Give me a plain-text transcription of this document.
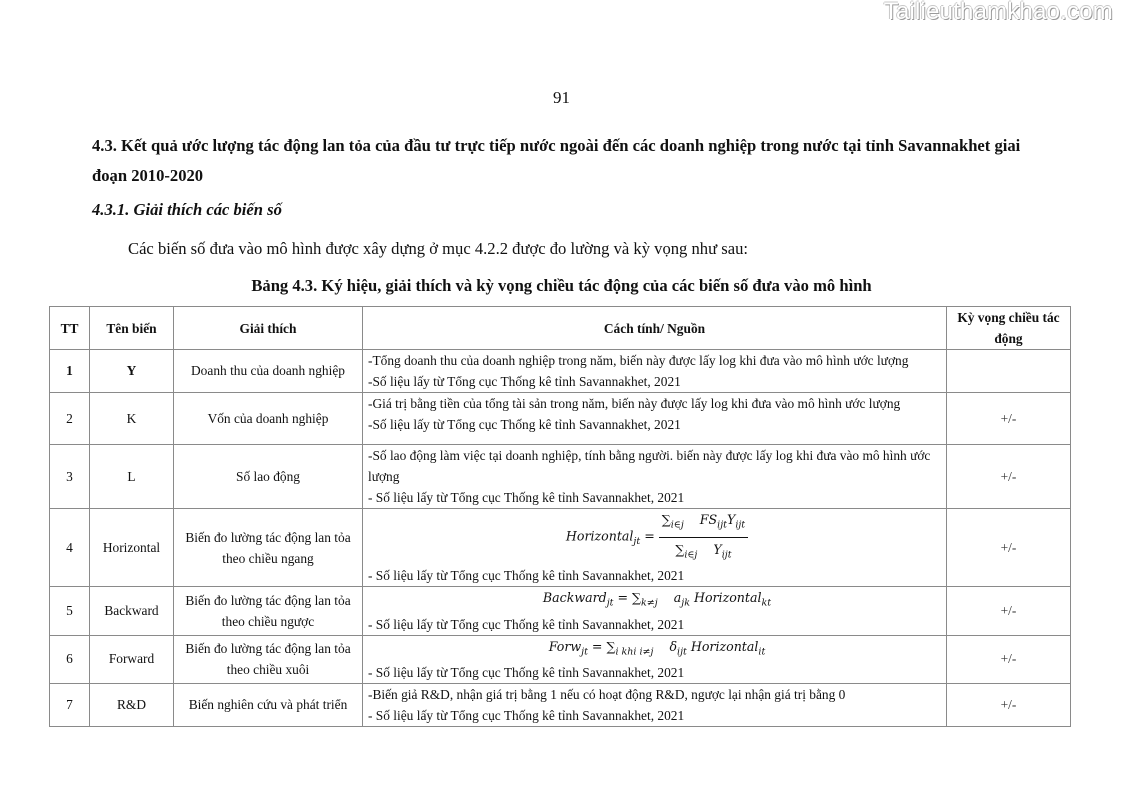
Tailieuthamkhao.com
91
4.3. Kết quả ước lượng tác động lan tỏa của đầu tư trực tiếp nước ngoài đến các doanh nghiệp trong nước tại tỉnh Savannakhet giai đoạn 2010-2020
4.3.1. Giải thích các biến số
Các biến số đưa vào mô hình được xây dựng ở mục 4.2.2 được đo lường và kỳ vọng như sau:
Bảng 4.3. Ký hiệu, giải thích và kỳ vọng chiều tác động của các biến số đưa vào mô hình
TT	Tên biến	Giải thích	Cách tính/ Nguồn	Kỳ vọng chiều tác động
1	Y	Doanh thu của doanh nghiệp	-Tổng doanh thu của doanh nghiệp trong năm, biến này được lấy log khi đưa vào mô hình ước lượng
-Số liệu lấy từ Tổng cục Thống kê tỉnh Savannakhet, 2021	

2	K	Vốn của doanh nghiệp	-Giá trị bằng tiền của tổng tài sản trong năm, biến này được lấy log khi đưa vào mô hình ước lượng
-Số liệu lấy từ Tổng cục Thống kê tỉnh Savannakhet, 2021	+/-
3	L	Số lao động	-Số lao động làm việc tại doanh nghiệp, tính bằng người. biến này được lấy log khi đưa vào mô hình ước lượng
- Số liệu lấy từ Tổng cục Thống kê tỉnh Savannakhet, 2021	+/-
4	Horizontal	Biến đo lường tác động lan tỏa theo chiều ngang	Horizontal$_{jt}$ = $\frac{\sum_{i\in j} FS_{ijt}Y_{ijt}}{\sum_{i\in j} Y_{ijt}}$
- Số liệu lấy từ Tổng cục Thống kê tỉnh Savannakhet, 2021	+/-
5	Backward	Biến đo lường tác động lan tỏa theo chiều ngược	Backward$_{jt}$ = $\sum_{k\ne j}$ $a_{jk}$ Horizontal$_{kt}$
- Số liệu lấy từ Tổng cục Thống kê tỉnh Savannakhet, 2021	+/-
6	Forward	Biến đo lường tác động lan tỏa theo chiều xuôi	Forw$_{jt}$ = $\sum_{i khi i\ne j}$ $\delta_{ijt}$ Horizontal$_{it}$
- Số liệu lấy từ Tổng cục Thống kê tỉnh Savannakhet, 2021	+/-
7	R&D	Biến nghiên cứu và phát triển	-Biến giả R&D, nhận giá trị bằng 1 nếu có hoạt động R&D, ngược lại nhận giá trị bằng 0
- Số liệu lấy từ Tổng cục Thống kê tỉnh Savannakhet, 2021	+/-
